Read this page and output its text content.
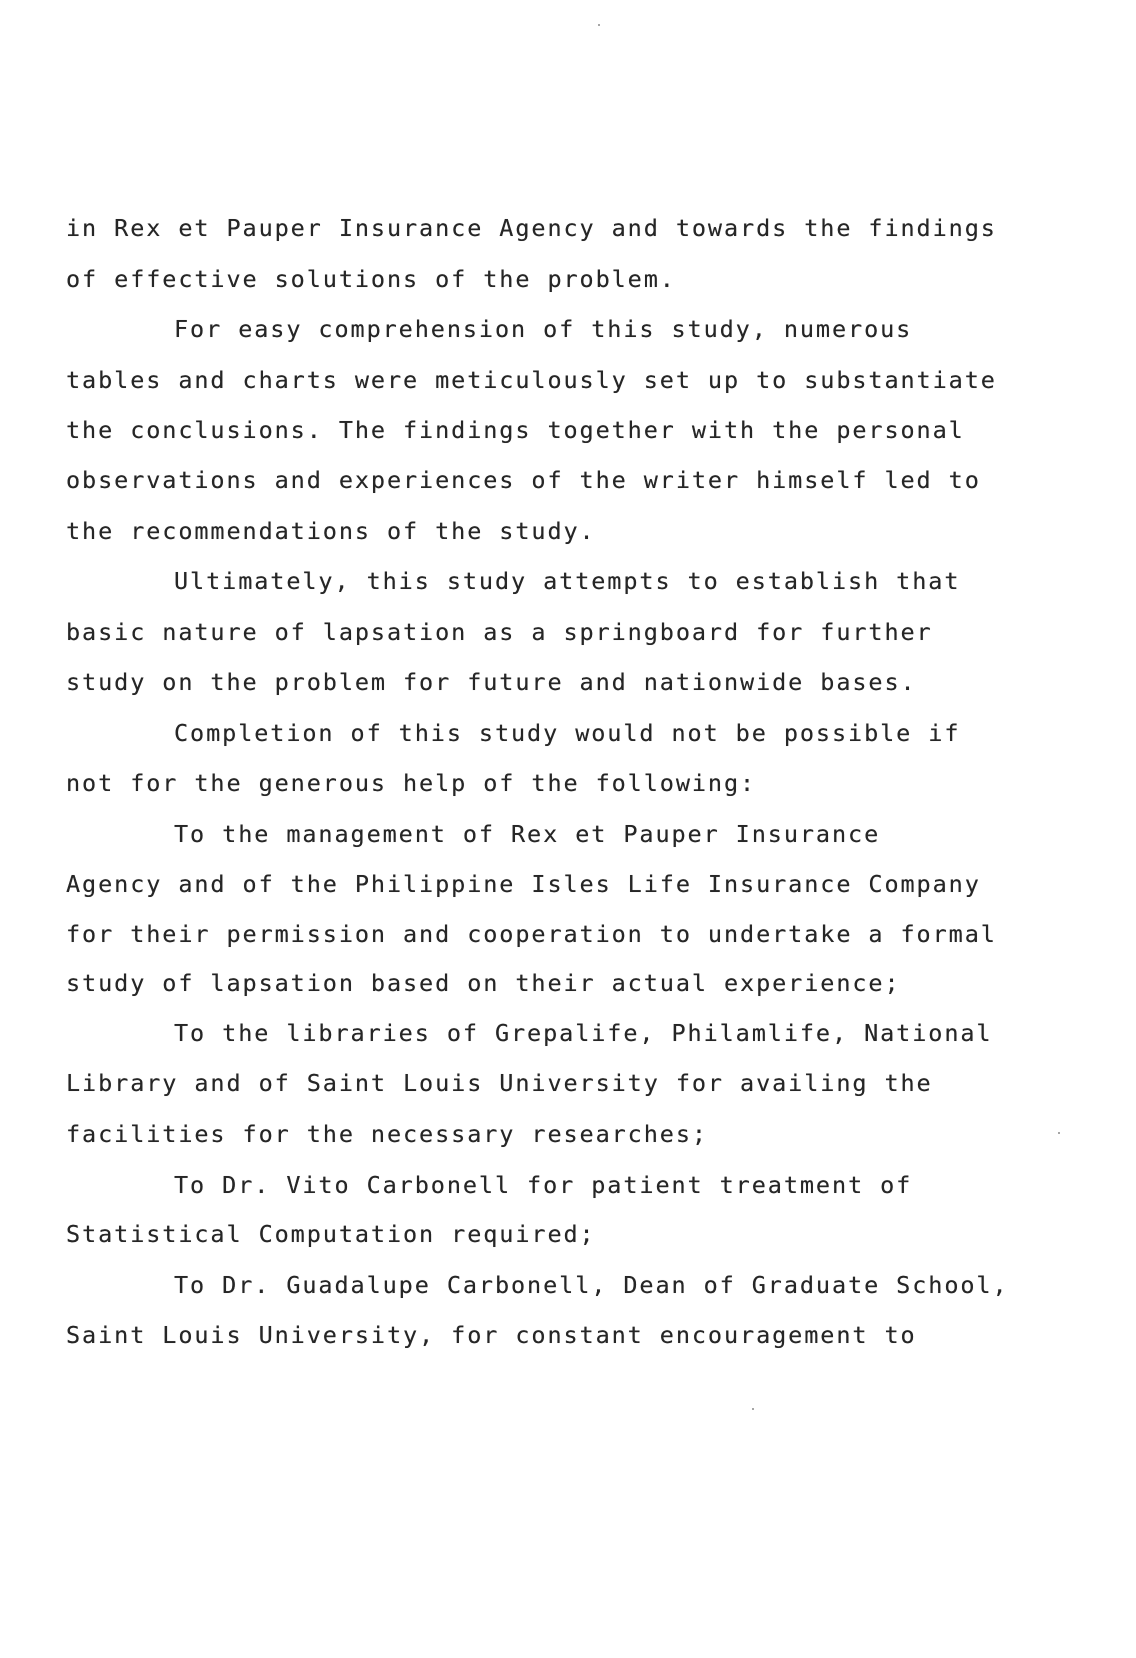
in Rex et Pauper Insurance Agency and towards the findings
of effective solutions of the problem.
For easy comprehension of this study, numerous
tables and charts were meticulously set up to substantiate
the conclusions. The findings together with the personal
observations and experiences of the writer himself led to
the recommendations of the study.
Ultimately, this study attempts to establish that
basic nature of lapsation as a springboard for further
study on the problem for future and nationwide bases.
Completion of this study would not be possible if
not for the generous help of the following:
To the management of Rex et Pauper Insurance
Agency and of the Philippine Isles Life Insurance Company
for their permission and cooperation to undertake a formal
study of lapsation based on their actual experience;
To the libraries of Grepalife, Philamlife, National
Library and of Saint Louis University for availing the
facilities for the necessary researches;
To Dr. Vito Carbonell for patient treatment of
Statistical Computation required;
To Dr. Guadalupe Carbonell, Dean of Graduate School,
Saint Louis University, for constant encouragement to
